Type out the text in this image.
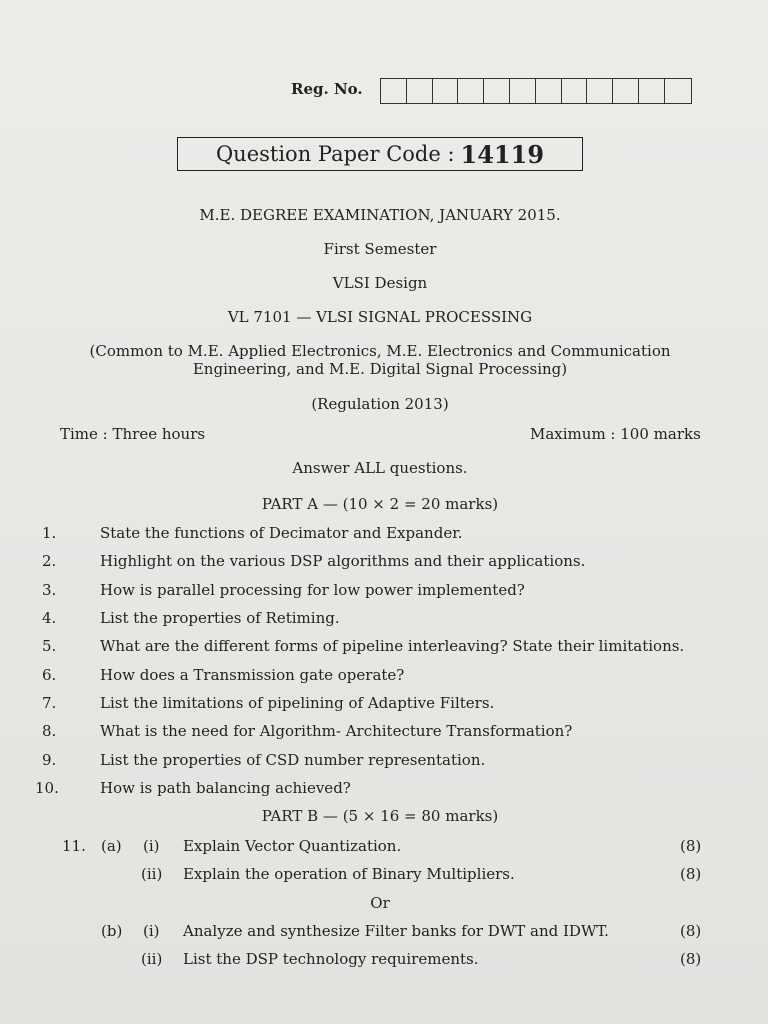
Reg. No.
Question Paper Code : 14119
M.E. DEGREE EXAMINATION, JANUARY 2015.
First Semester
VLSI Design
VL 7101 — VLSI SIGNAL PROCESSING
(Common to M.E. Applied Electronics, M.E. Electronics and Communication
Engineering, and M.E. Digital Signal Processing)
(Regulation 2013)
Time : Three hours	Maximum : 100 marks
Answer ALL questions.
PART A — (10 × 2 = 20 marks)
1.	State the functions of Decimator and Expander.
2.	Highlight on the various DSP algorithms and their applications.
3.	How is parallel processing for low power implemented?
4.	List the properties of Retiming.
5.	What are the different forms of pipeline interleaving? State their limitations.
6.	How does a Transmission gate operate?
7.	List the limitations of pipelining of Adaptive Filters.
8.	What is the need for Algorithm- Architecture Transformation?
9.	List the properties of CSD number representation.
10.	How is path balancing achieved?
PART B — (5 × 16 = 80 marks)
11. (a) (i) Explain Vector Quantization.	(8)
(ii) Explain the operation of Binary Multipliers.	(8)
Or
(b) (i) Analyze and synthesize Filter banks for DWT and IDWT.	(8)
(ii) List the DSP technology requirements.	(8)
